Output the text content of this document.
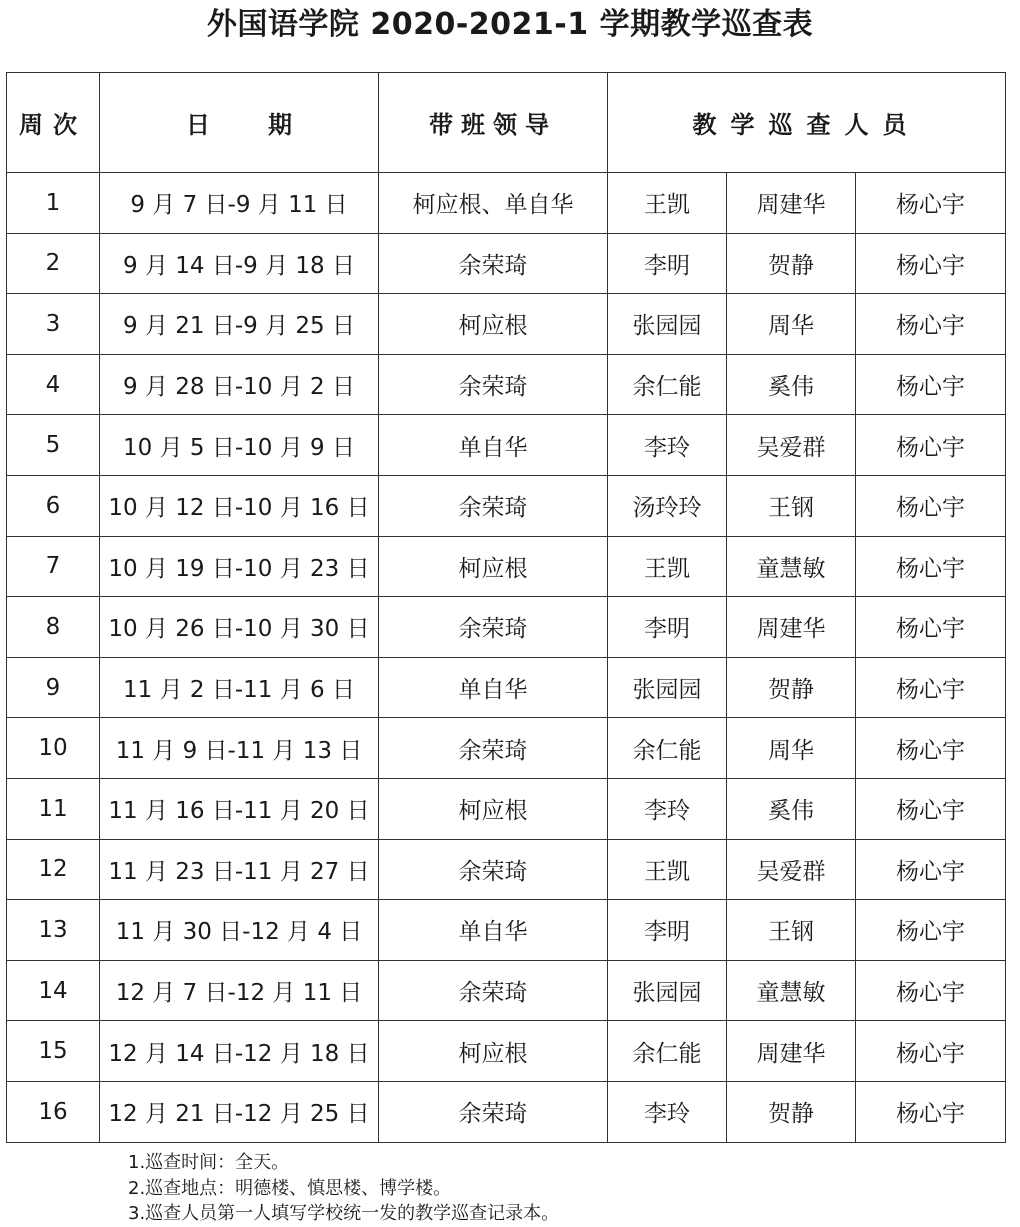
外国语学院 2020-2021-1 学期教学巡查表
周次	日 期	带班领导	教学巡查人员		
1	9 月 7 日-9 月 11 日	柯应根、单自华	王凯	周建华	杨心宇
2	9 月 14 日-9 月 18 日	余荣琦	李明	贺静	杨心宇
3	9 月 21 日-9 月 25 日	柯应根	张园园	周华	杨心宇
4	9 月 28 日-10 月 2 日	余荣琦	余仁能	奚伟	杨心宇
5	10 月 5 日-10 月 9 日	单自华	李玲	吴爱群	杨心宇
6	10 月 12 日-10 月 16 日	余荣琦	汤玲玲	王钢	杨心宇
7	10 月 19 日-10 月 23 日	柯应根	王凯	童慧敏	杨心宇
8	10 月 26 日-10 月 30 日	余荣琦	李明	周建华	杨心宇
9	11 月 2 日-11 月 6 日	单自华	张园园	贺静	杨心宇
10	11 月 9 日-11 月 13 日	余荣琦	余仁能	周华	杨心宇
11	11 月 16 日-11 月 20 日	柯应根	李玲	奚伟	杨心宇
12	11 月 23 日-11 月 27 日	余荣琦	王凯	吴爱群	杨心宇
13	11 月 30 日-12 月 4 日	单自华	李明	王钢	杨心宇
14	12 月 7 日-12 月 11 日	余荣琦	张园园	童慧敏	杨心宇
15	12 月 14 日-12 月 18 日	柯应根	余仁能	周建华	杨心宇
16	12 月 21 日-12 月 25 日	余荣琦	李玲	贺静	杨心宇
1.巡查时间：全天。
2.巡查地点：明德楼、慎思楼、博学楼。
3.巡查人员第一人填写学校统一发的教学巡查记录本。
